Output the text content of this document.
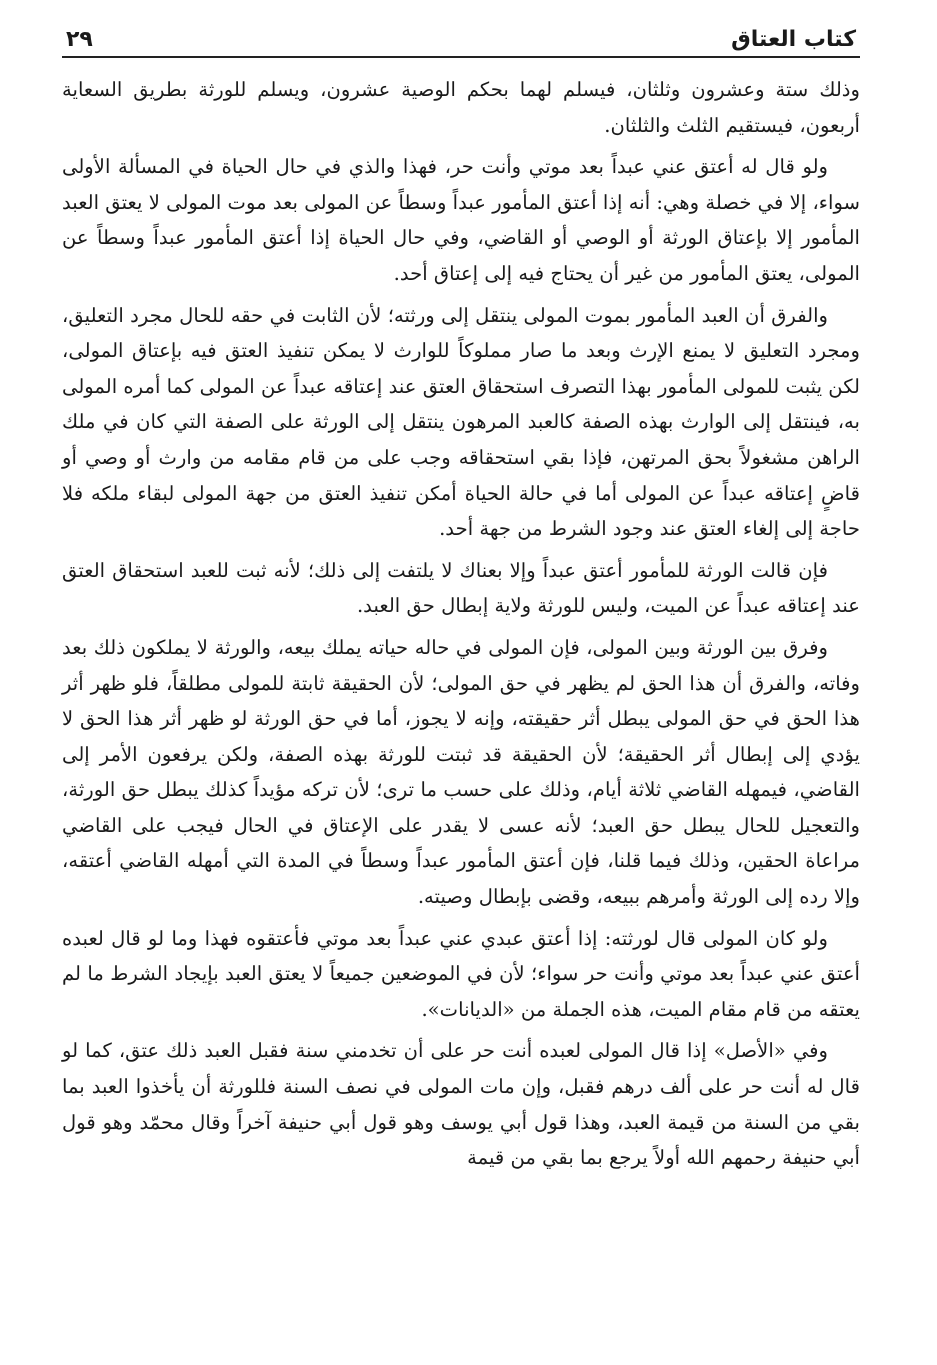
كتاب العتاق
٢٩

وذلك ستة وعشرون وثلثان، فيسلم لهما بحكم الوصية عشرون، ويسلم للورثة بطريق السعاية أربعون، فيستقيم الثلث والثلثان.

ولو قال له أعتق عني عبداً بعد موتي وأنت حر، فهذا والذي في حال الحياة في المسألة الأولى سواء، إلا في خصلة وهي: أنه إذا أعتق المأمور عبداً وسطاً عن المولى بعد موت المولى لا يعتق العبد المأمور إلا بإعتاق الورثة أو الوصي أو القاضي، وفي حال الحياة إذا أعتق المأمور عبداً وسطاً عن المولى، يعتق المأمور من غير أن يحتاج فيه إلى إعتاق أحد.

والفرق أن العبد المأمور بموت المولى ينتقل إلى ورثته؛ لأن الثابت في حقه للحال مجرد التعليق، ومجرد التعليق لا يمنع الإرث وبعد ما صار مملوكاً للوارث لا يمكن تنفيذ العتق فيه بإعتاق المولى، لكن يثبت للمولى المأمور بهذا التصرف استحقاق العتق عند إعتاقه عبداً عن المولى كما أمره المولى به، فينتقل إلى الوارث بهذه الصفة كالعبد المرهون ينتقل إلى الورثة على الصفة التي كان في ملك الراهن مشغولاً بحق المرتهن، فإذا بقي استحقاقه وجب على من قام مقامه من وارث أو وصي أو قاضٍ إعتاقه عبداً عن المولى أما في حالة الحياة أمكن تنفيذ العتق من جهة المولى لبقاء ملكه فلا حاجة إلى إلغاء العتق عند وجود الشرط من جهة أحد.

فإن قالت الورثة للمأمور أعتق عبداً وإلا بعناك لا يلتفت إلى ذلك؛ لأنه ثبت للعبد استحقاق العتق عند إعتاقه عبداً عن الميت، وليس للورثة ولاية إبطال حق العبد.

وفرق بين الورثة وبين المولى، فإن المولى في حاله حياته يملك بيعه، والورثة لا يملكون ذلك بعد وفاته، والفرق أن هذا الحق لم يظهر في حق المولى؛ لأن الحقيقة ثابتة للمولى مطلقاً، فلو ظهر أثر هذا الحق في حق المولى يبطل أثر حقيقته، وإنه لا يجوز، أما في حق الورثة لو ظهر أثر هذا الحق لا يؤدي إلى إبطال أثر الحقيقة؛ لأن الحقيقة قد ثبتت للورثة بهذه الصفة، ولكن يرفعون الأمر إلى القاضي، فيمهله القاضي ثلاثة أيام، وذلك على حسب ما ترى؛ لأن تركه مؤيداً كذلك يبطل حق الورثة، والتعجيل للحال يبطل حق العبد؛ لأنه عسى لا يقدر على الإعتاق في الحال فيجب على القاضي مراعاة الحقين، وذلك فيما قلنا، فإن أعتق المأمور عبداً وسطاً في المدة التي أمهله القاضي أعتقه، وإلا رده إلى الورثة وأمرهم ببيعه، وقضى بإبطال وصيته.

ولو كان المولى قال لورثته: إذا أعتق عبدي عني عبداً بعد موتي فأعتقوه فهذا وما لو قال لعبده أعتق عني عبداً بعد موتي وأنت حر سواء؛ لأن في الموضعين جميعاً لا يعتق العبد بإيجاد الشرط ما لم يعتقه من قام مقام الميت، هذه الجملة من «الديانات».

وفي «الأصل» إذا قال المولى لعبده أنت حر على أن تخدمني سنة فقبل العبد ذلك عتق، كما لو قال له أنت حر على ألف درهم فقبل، وإن مات المولى في نصف السنة فللورثة أن يأخذوا العبد بما بقي من السنة من قيمة العبد، وهذا قول أبي يوسف وهو قول أبي حنيفة آخراً وقال محمّد وهو قول أبي حنيفة رحمهم الله أولاً يرجع بما بقي من قيمة
